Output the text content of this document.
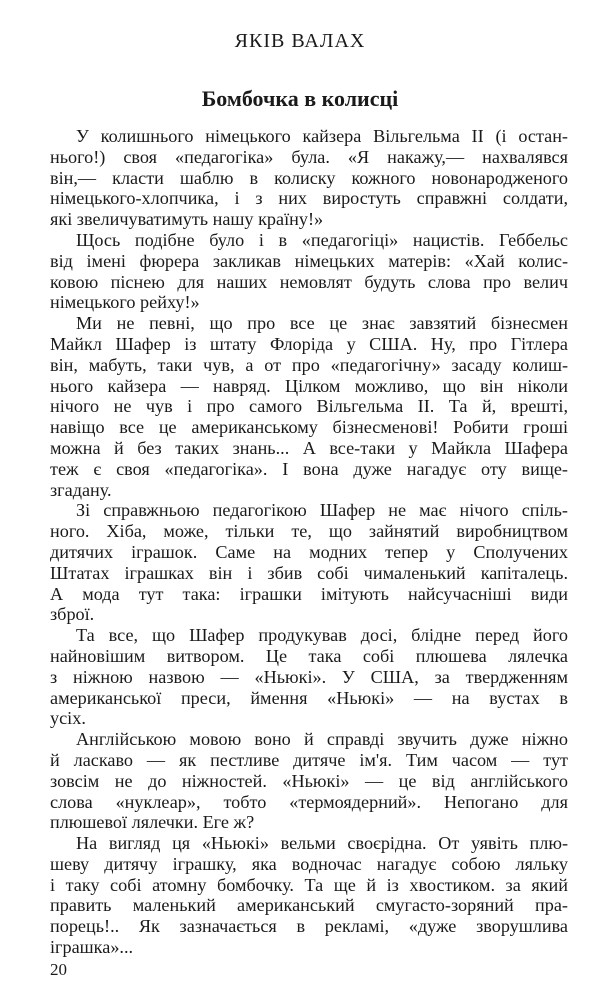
ЯКІВ ВАЛАХ
Бомбочка в колисці
У колишнього німецького кайзера Вільгельма II (і остан-
нього!) своя «педагогіка» була. «Я накажу,— нахвалявся
він,— класти шаблю в колиску кожного новонародженого
німецького-хлопчика, і з них виростуть справжні солдати,
які звеличуватимуть нашу країну!»
Щось подібне було і в «педагогіці» нацистів. Геббельс
від імені фюрера закликав німецьких матерів: «Хай колис-
ковою піснею для наших немовлят будуть слова про велич
німецького рейху!»
Ми не певні, що про все це знає завзятий бізнесмен
Майкл Шафер із штату Флоріда у США. Ну, про Гітлера
він, мабуть, таки чув, а от про «педагогічну» засаду колиш-
нього кайзера — навряд. Цілком можливо, що він ніколи
нічого не чув і про самого Вільгельма II. Та й, врешті,
навіщо все це американському бізнесменові! Робити гроші
можна й без таких знань... А все-таки у Майкла Шафера
теж є своя «педагогіка». І вона дуже нагадує оту вище-
згадану.
Зі справжньою педагогікою Шафер не має нічого спіль-
ного. Хіба, може, тільки те, що зайнятий виробництвом
дитячих іграшок. Саме на модних тепер у Сполучених
Штатах іграшках він і збив собі чималенький капіталець.
А мода тут така: іграшки імітують найсучасніші види
зброї.
Та все, що Шафер продукував досі, блідне перед його
найновішим витвором. Це така собі плюшева лялечка
з ніжною назвою — «Ньюкі». У США, за твердженням
американської преси, ймення «Ньюкі» — на вустах в
усіх.
Англійською мовою воно й справді звучить дуже ніжно
й ласкаво — як пестливе дитяче ім'я. Тим часом — тут
зовсім не до ніжностей. «Ньюкі» — це від англійського
слова «нуклеар», тобто «термоядерний». Непогано для
плюшевої лялечки. Еге ж?
На вигляд ця «Ньюкі» вельми своєрідна. От уявіть плю-
шеву дитячу іграшку, яка водночас нагадує собою ляльку
і таку собі атомну бомбочку. Та ще й із хвостиком. за який
править маленький американський смугасто-зоряний пра-
порець!.. Як зазначається в рекламі, «дуже зворушлива
іграшка»...
20
